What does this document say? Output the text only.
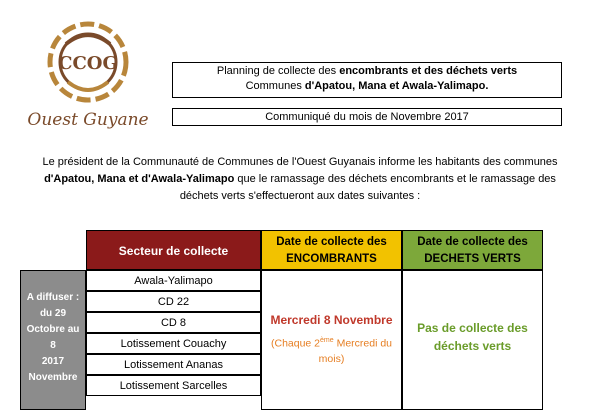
CCOG
Ouest Guyane
Planning de collecte des encombrants et des déchets verts
Communes d'Apatou, Mana et Awala-Yalimapo.
Communiqué du mois de Novembre 2017
Le président de la Communauté de Communes de l'Ouest Guyanais informe les habitants des communes
d'Apatou, Mana et d'Awala-Yalimapo que le ramassage des déchets encombrants et le ramassage des
déchets verts s'effectueront aux dates suivantes :
Secteur de collecte
Date de collecte des
ENCOMBRANTS
Date de collecte des
DECHETS VERTS
A diffuser :
du 29
Octobre au 8
2017
Novembre
Awala-Yalimapo
CD 22
CD 8
Lotissement Couachy
Lotissement Ananas
Lotissement Sarcelles
Mercredi 8 Novembre
(Chaque 2ème Mercredi du
mois)
Pas de collecte des
déchets verts
